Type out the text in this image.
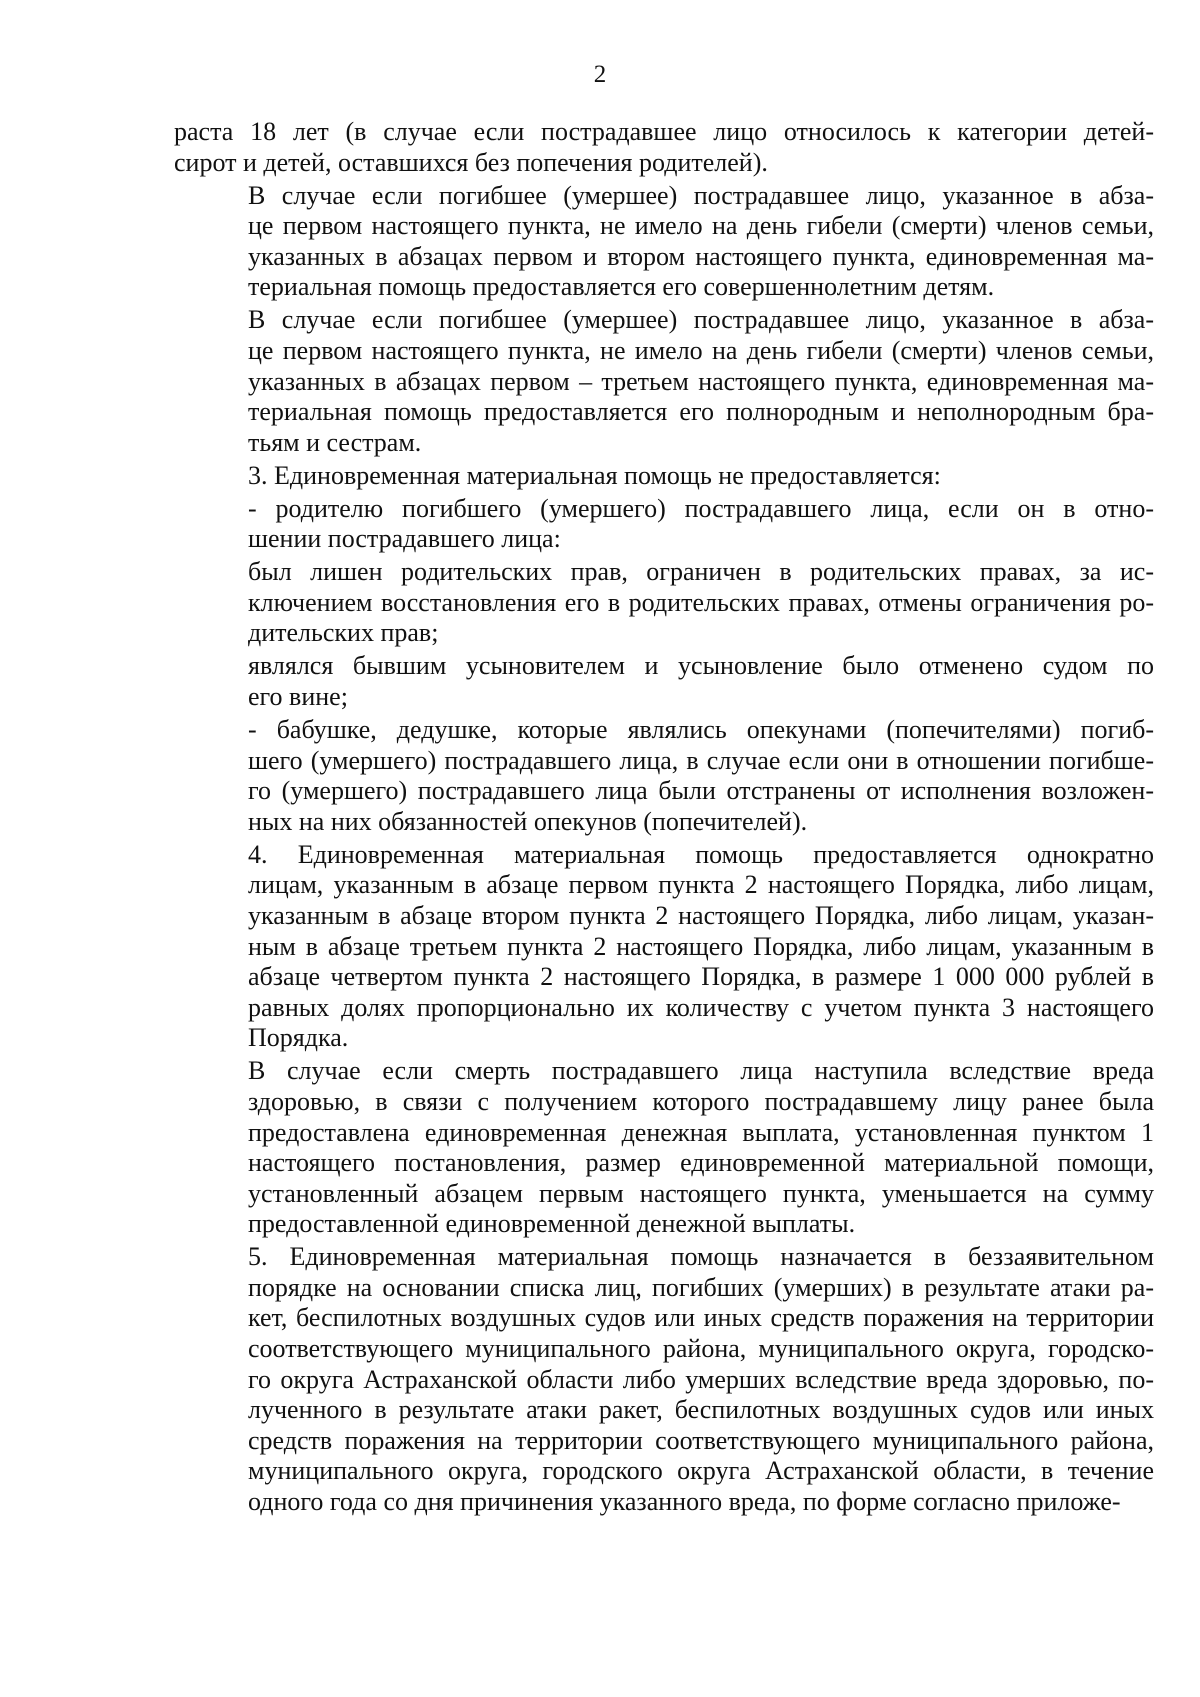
2

раста 18 лет (в случае если пострадавшее лицо относилось к категории детей-
сирот и детей, оставшихся без попечения родителей).

В случае если погибшее (умершее) пострадавшее лицо, указанное в абза-
це первом настоящего пункта, не имело на день гибели (смерти) членов семьи,
указанных в абзацах первом и втором настоящего пункта, единовременная ма-
териальная помощь предоставляется его совершеннолетним детям.

В случае если погибшее (умершее) пострадавшее лицо, указанное в абза-
це первом настоящего пункта, не имело на день гибели (смерти) членов семьи,
указанных в абзацах первом – третьем настоящего пункта, единовременная ма-
териальная помощь предоставляется его полнородным и неполнородным бра-
тьям и сестрам.

3. Единовременная материальная помощь не предоставляется:

- родителю погибшего (умершего) пострадавшего лица, если он в отно-
шении пострадавшего лица:

был лишен родительских прав, ограничен в родительских правах, за ис-
ключением восстановления его в родительских правах, отмены ограничения ро-
дительских прав;

являлся бывшим усыновителем и усыновление было отменено судом по
его вине;

- бабушке, дедушке, которые являлись опекунами (попечителями) погиб-
шего (умершего) пострадавшего лица, в случае если они в отношении погибше-
го (умершего) пострадавшего лица были отстранены от исполнения возложен-
ных на них обязанностей опекунов (попечителей).

4. Единовременная материальная помощь предоставляется однократно
лицам, указанным в абзаце первом пункта 2 настоящего Порядка, либо лицам,
указанным в абзаце втором пункта 2 настоящего Порядка, либо лицам, указан-
ным в абзаце третьем пункта 2 настоящего Порядка, либо лицам, указанным в
абзаце четвертом пункта 2 настоящего Порядка, в размере 1 000 000 рублей в
равных долях пропорционально их количеству с учетом пункта 3 настоящего
Порядка.

В случае если смерть пострадавшего лица наступила вследствие вреда
здоровью, в связи с получением которого пострадавшему лицу ранее была
предоставлена единовременная денежная выплата, установленная пунктом 1
настоящего постановления, размер единовременной материальной помощи,
установленный абзацем первым настоящего пункта, уменьшается на сумму
предоставленной единовременной денежной выплаты.

5. Единовременная материальная помощь назначается в беззаявительном
порядке на основании списка лиц, погибших (умерших) в результате атаки ра-
кет, беспилотных воздушных судов или иных средств поражения на территории
соответствующего муниципального района, муниципального округа, городско-
го округа Астраханской области либо умерших вследствие вреда здоровью, по-
лученного в результате атаки ракет, беспилотных воздушных судов или иных
средств поражения на территории соответствующего муниципального района,
муниципального округа, городского округа Астраханской области, в течение
одного года со дня причинения указанного вреда, по форме согласно приложе-
